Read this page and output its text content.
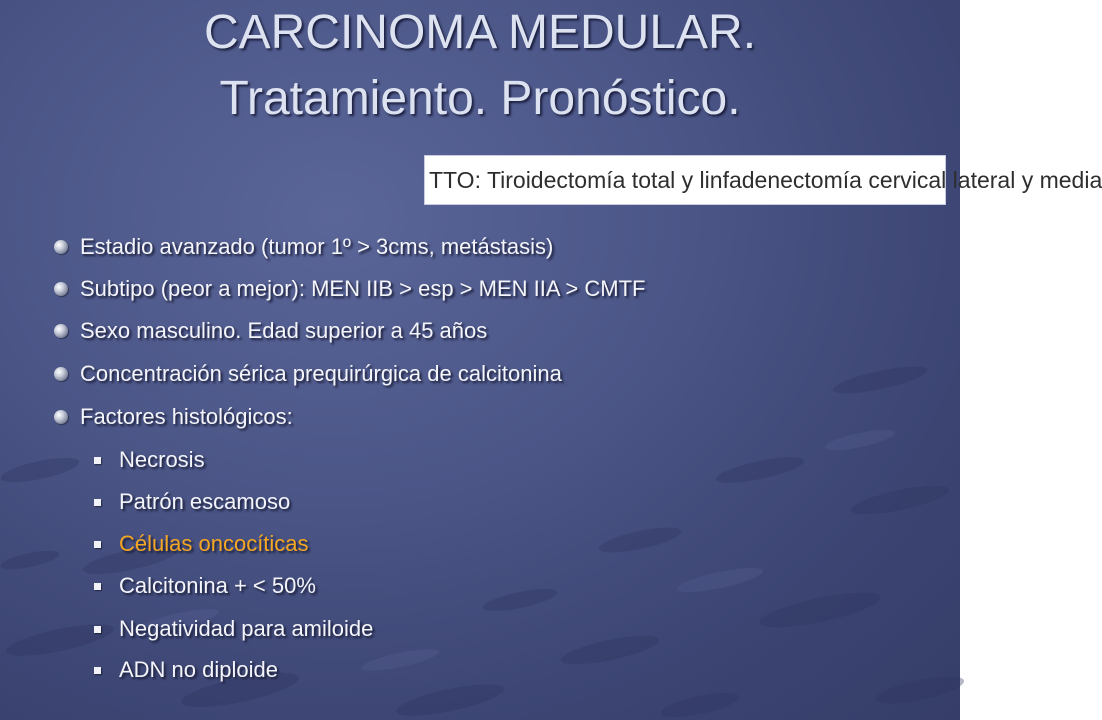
CARCINOMA MEDULAR.
Tratamiento. Pronóstico.
TTO: Tiroidectomía total y linfadenectomía cervical lateral y media
Estadio avanzado (tumor 1º > 3cms, metástasis)
Subtipo (peor a mejor): MEN IIB > esp > MEN IIA > CMTF
Sexo masculino. Edad superior a 45 años
Concentración sérica prequirúrgica de calcitonina
Factores histológicos:
Necrosis
Patrón escamoso
Células oncocíticas
Calcitonina + < 50%
Negatividad para amiloide
ADN no diploide
